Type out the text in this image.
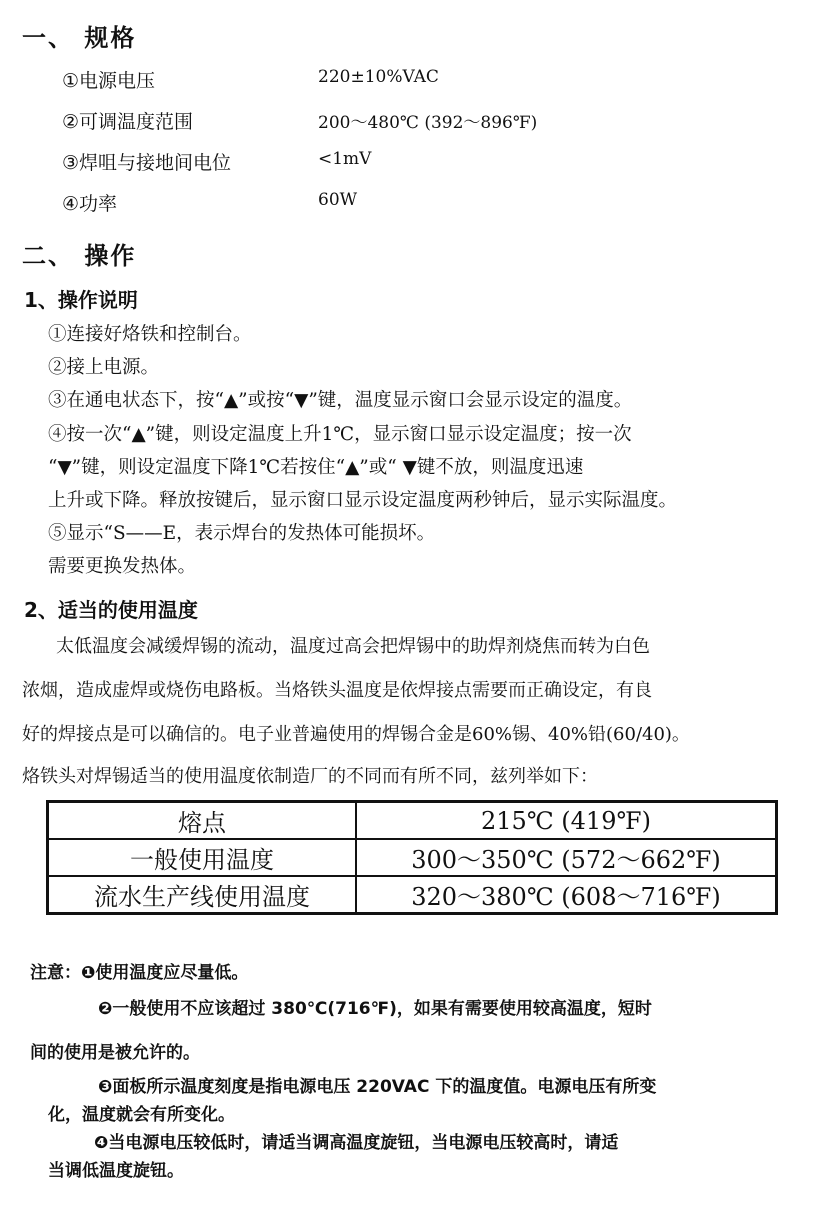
一、 规格
①电源电压	220±10%VAC
②可调温度范围	200～480℃ (392～896℉)
③焊咀与接地间电位	<1mV
④功率	60W
二、 操作
1、操作说明
①连接好烙铁和控制台。
②接上电源。
③在通电状态下，按“▲”或按“▼”键，温度显示窗口会显示设定的温度。
④按一次“▲”键，则设定温度上升1℃，显示窗口显示设定温度；按一次
“▼”键，则设定温度下降1℃若按住“▲”或“ ▼键不放，则温度迅速
上升或下降。释放按键后，显示窗口显示设定温度两秒钟后，显示实际温度。
⑤显示“S——E，表示焊台的发热体可能损坏。
需要更换发热体。
2、适当的使用温度
太低温度会减缓焊锡的流动，温度过高会把焊锡中的助焊剂烧焦而转为白色
浓烟，造成虚焊或烧伤电路板。当烙铁头温度是依焊接点需要而正确设定，有良
好的焊接点是可以确信的。电子业普遍使用的焊锡合金是60%锡、40%铅(60/40)。
烙铁头对焊锡适当的使用温度依制造厂的不同而有所不同，兹列举如下：
熔点	215℃ (419℉)
一般使用温度	300～350℃ (572～662℉)
流水生产线使用温度	320～380℃ (608～716℉)
注意：❶使用温度应尽量低。
❷一般使用不应该超过 380℃(716℉)，如果有需要使用较高温度，短时
间的使用是被允许的。
❸面板所示温度刻度是指电源电压 220VAC 下的温度值。电源电压有所变
化，温度就会有所变化。
❹当电源电压较低时，请适当调高温度旋钮，当电源电压较高时，请适
当调低温度旋钮。
